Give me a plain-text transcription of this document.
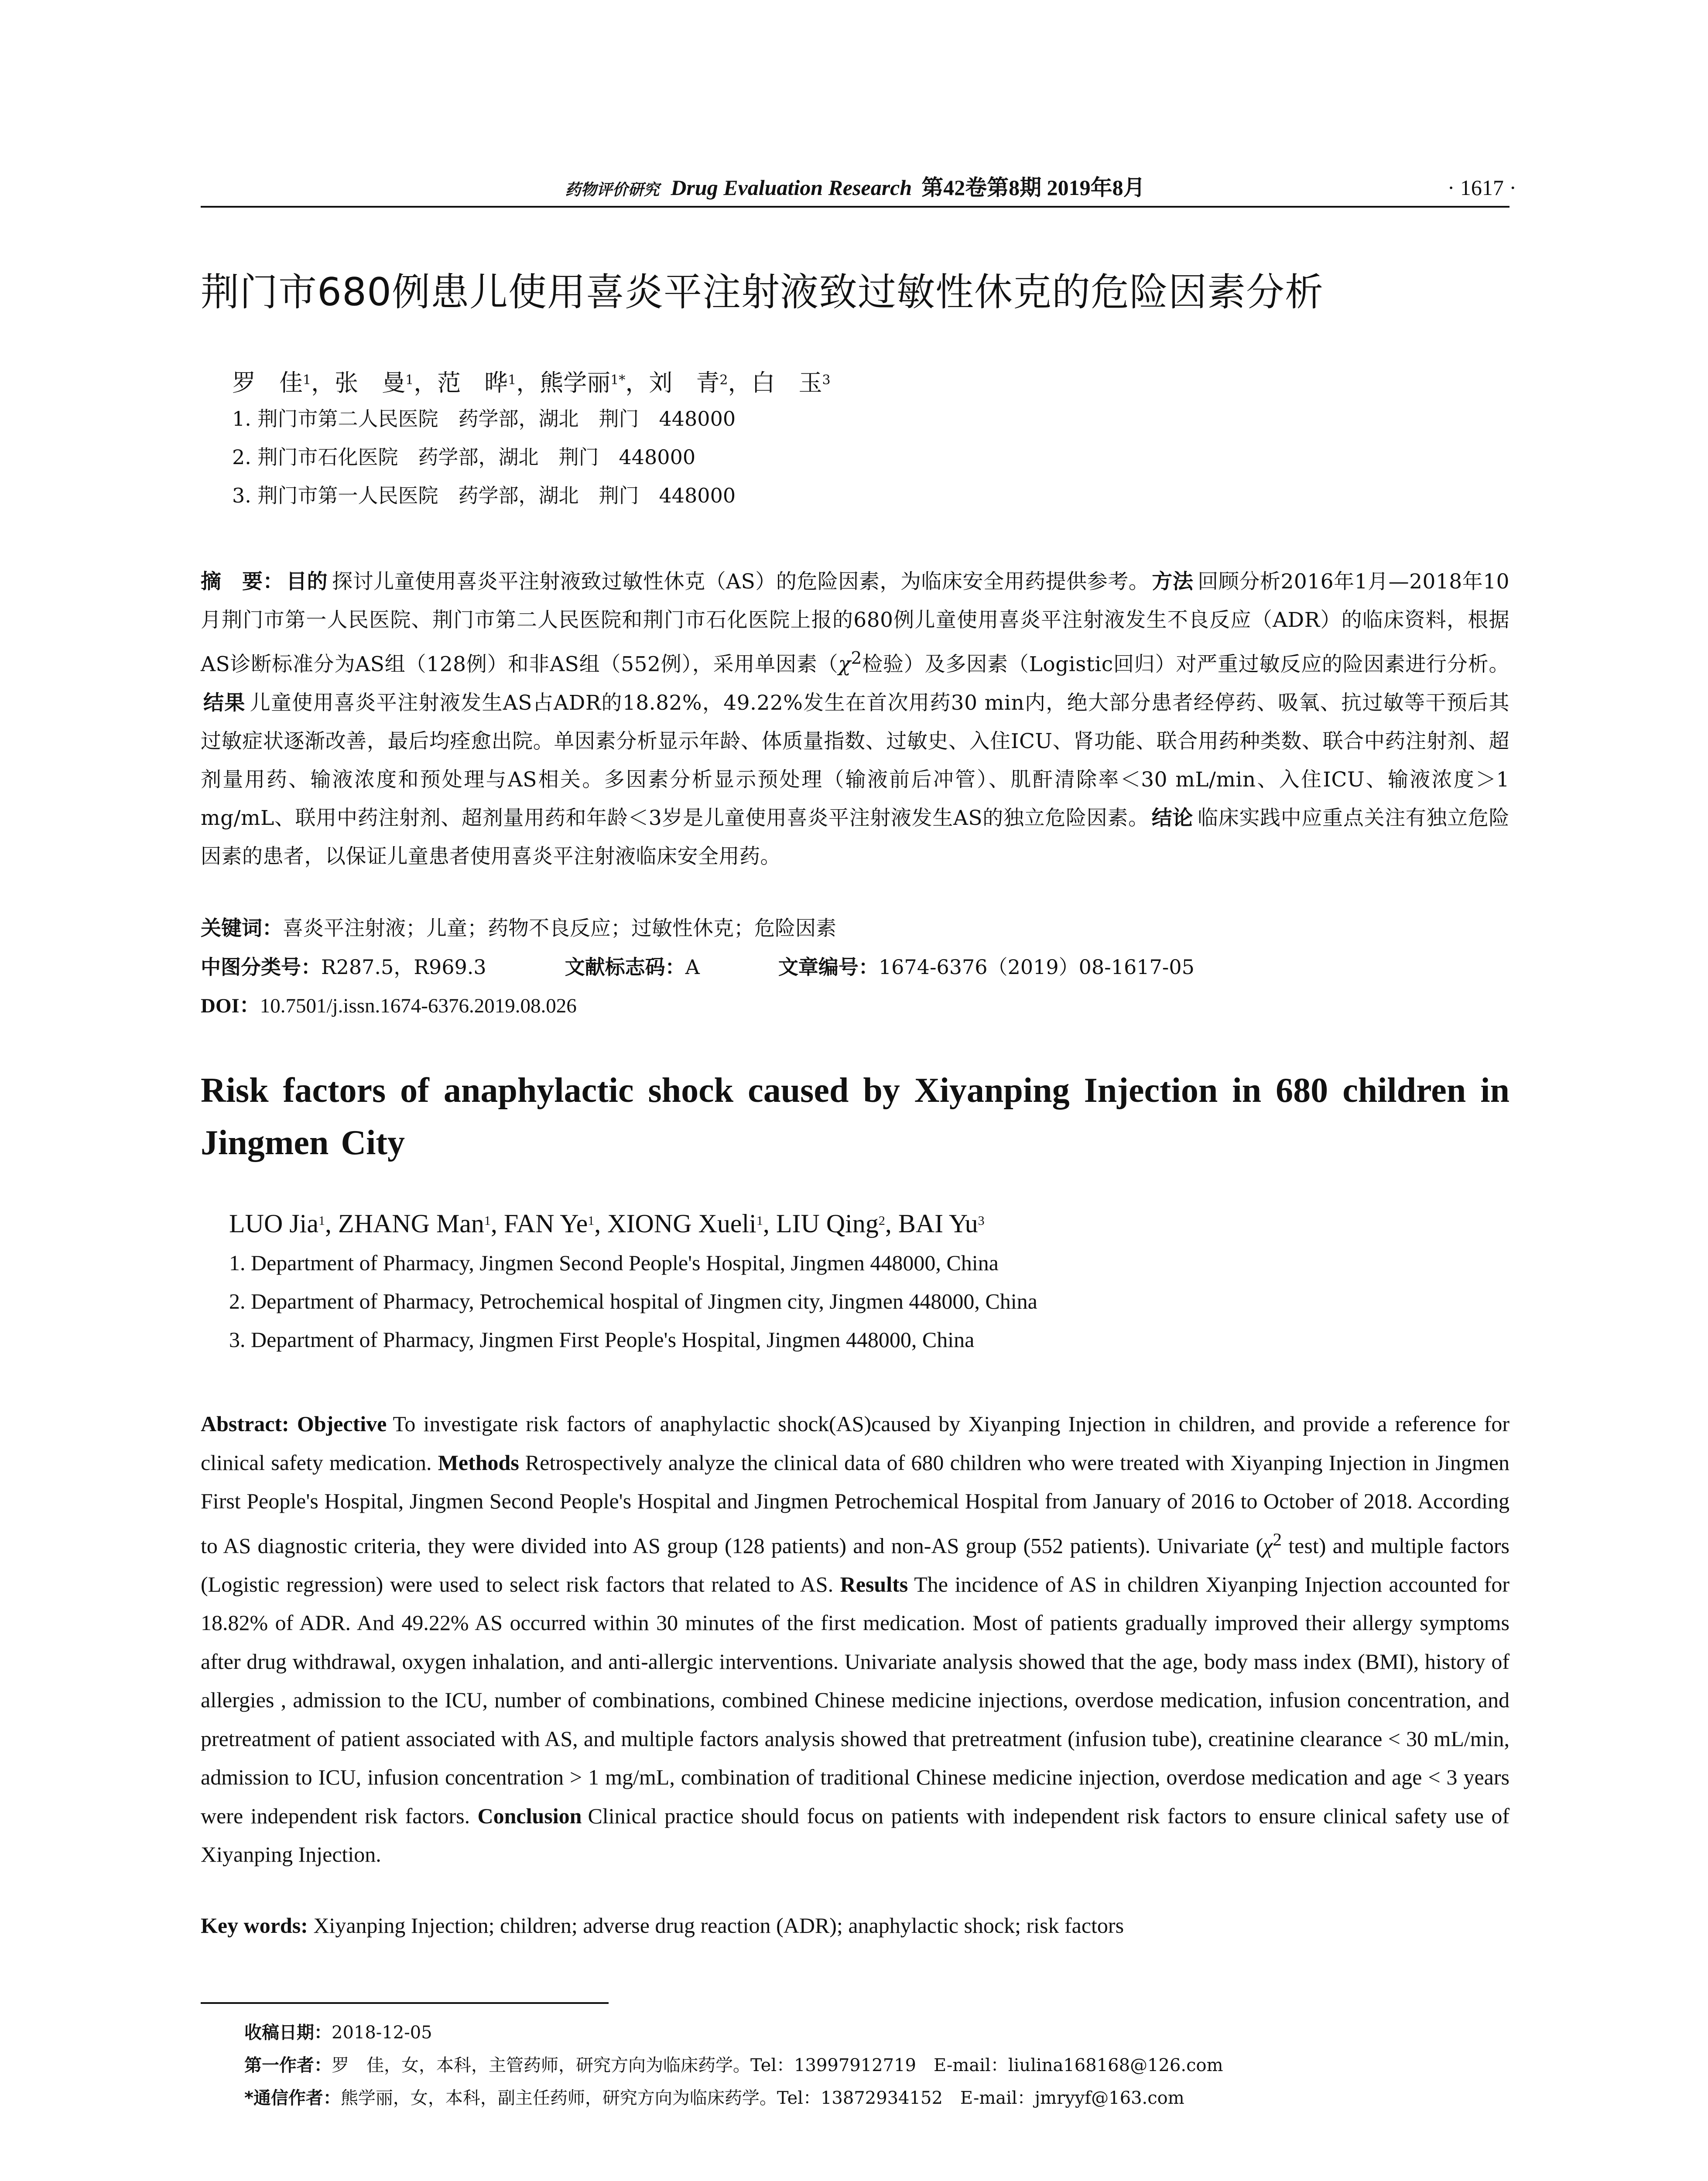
药物评价研究 Drug Evaluation Research 第42卷第8期 2019年8月	· 1617 ·
荆门市680例患儿使用喜炎平注射液致过敏性休克的危险因素分析
罗　佳$^1$，张　曼$^1$，范　晔$^1$，熊学丽$^{1*}$，刘　青$^2$，白　玉$^3$
1. 荆门市第二人民医院　药学部，湖北　荆门　448000
2. 荆门市石化医院　药学部，湖北　荆门　448000
3. 荆门市第一人民医院　药学部，湖北　荆门　448000
摘　要： 目的 探讨儿童使用喜炎平注射液致过敏性休克（AS）的危险因素，为临床安全用药提供参考。 方法 回顾分析2016年1月—2018年10月荆门市第一人民医院、荆门市第二人民医院和荆门市石化医院上报的680例儿童使用喜炎平注射液发生不良反应（ADR）的临床资料，根据AS诊断标准分为AS组（128例）和非AS组（552例），采用单因素（$\chi^2$检验）及多因素（Logistic回归）对严重过敏反应的险因素进行分析。结果 儿童使用喜炎平注射液发生AS占ADR的18.82%，49.22%发生在首次用药30 min内，绝大部分患者经停药、吸氧、抗过敏等干预后其过敏症状逐渐改善，最后均痊愈出院。单因素分析显示年龄、体质量指数、过敏史、入住ICU、肾功能、联合用药种类数、联合中药注射剂、超剂量用药、输液浓度和预处理与AS相关。多因素分析显示预处理（输液前后冲管）、肌酐清除率＜30 mL/min、入住ICU、输液浓度＞1 mg/mL、联用中药注射剂、超剂量用药和年龄＜3岁是儿童使用喜炎平注射液发生AS的独立危险因素。 结论 临床实践中应重点关注有独立危险因素的患者，以保证儿童患者使用喜炎平注射液临床安全用药。
关键词：喜炎平注射液；儿童；药物不良反应；过敏性休克；危险因素
中图分类号：R287.5，R969.3	文献标志码：A	文章编号：1674-6376（2019）08-1617-05
DOI：10.7501/j.issn.1674-6376.2019.08.026
Risk factors of anaphylactic shock caused by Xiyanping Injection in 680 children in Jingmen City
LUO Jia$^1$, ZHANG Man$^1$, FAN Ye$^1$, XIONG Xueli$^1$, LIU Qing$^2$, BAI Yu$^3$
1. Department of Pharmacy, Jingmen Second People's Hospital, Jingmen 448000, China
2. Department of Pharmacy, Petrochemical hospital of Jingmen city, Jingmen 448000, China
3. Department of Pharmacy, Jingmen First People's Hospital, Jingmen 448000, China
Abstract: Objective To investigate risk factors of anaphylactic shock(AS)caused by Xiyanping Injection in children, and provide a reference for clinical safety medication. Methods Retrospectively analyze the clinical data of 680 children who were treated with Xiyanping Injection in Jingmen First People's Hospital, Jingmen Second People's Hospital and Jingmen Petrochemical Hospital from January of 2016 to October of 2018. According to AS diagnostic criteria, they were divided into AS group (128 patients) and non-AS group (552 patients). Univariate ($\chi^2$ test) and multiple factors (Logistic regression) were used to select risk factors that related to AS. Results The incidence of AS in children Xiyanping Injection accounted for 18.82% of ADR. And 49.22% AS occurred within 30 minutes of the first medication. Most of patients gradually improved their allergy symptoms after drug withdrawal, oxygen inhalation, and anti-allergic interventions. Univariate analysis showed that the age, body mass index (BMI), history of allergies , admission to the ICU, number of combinations, combined Chinese medicine injections, overdose medication, infusion concentration, and pretreatment of patient associated with AS, and multiple factors analysis showed that pretreatment (infusion tube), creatinine clearance < 30 mL/min, admission to ICU, infusion concentration > 1 mg/mL, combination of traditional Chinese medicine injection, overdose medication and age < 3 years were independent risk factors. Conclusion Clinical practice should focus on patients with independent risk factors to ensure clinical safety use of Xiyanping Injection.
Key words: Xiyanping Injection; children; adverse drug reaction (ADR); anaphylactic shock; risk factors
收稿日期：2018-12-05
第一作者：罗　佳，女，本科，主管药师，研究方向为临床药学。Tel：13997912719　E-mail：liulina168168@126.com
*通信作者：熊学丽，女，本科，副主任药师，研究方向为临床药学。Tel：13872934152　E-mail：jmryyf@163.com
